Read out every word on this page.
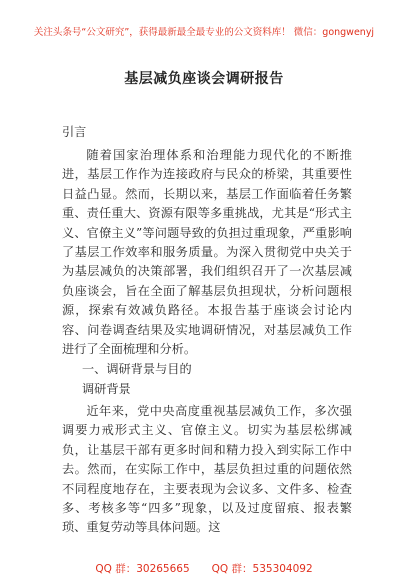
关注头条号“公文研究”，获得最新最全最专业的公文资料库！ 微信：gongwenyj
基层减负座谈会调研报告
引言
随着国家治理体系和治理能力现代化的不断推进，基层工作作为连接政府与民众的桥梁，其重要性日益凸显。然而，长期以来，基层工作面临着任务繁重、责任重大、资源有限等多重挑战，尤其是“形式主义、官僚主义”等问题导致的负担过重现象，严重影响了基层工作效率和服务质量。为深入贯彻党中央关于为基层减负的决策部署，我们组织召开了一次基层减负座谈会，旨在全面了解基层负担现状，分析问题根源，探索有效减负路径。本报告基于座谈会讨论内容、问卷调查结果及实地调研情况，对基层减负工作进行了全面梳理和分析。
一、调研背景与目的
调研背景
近年来，党中央高度重视基层减负工作，多次强调要力戒形式主义、官僚主义。切实为基层松绑减负，让基层干部有更多时间和精力投入到实际工作中去。然而，在实际工作中，基层负担过重的问题依然不同程度地存在，主要表现为会议多、文件多、检查多、考核多等“四多”现象，以及过度留痕、报表繁琐、重复劳动等具体问题。这
QQ 群：30265665 QQ 群：535304092
